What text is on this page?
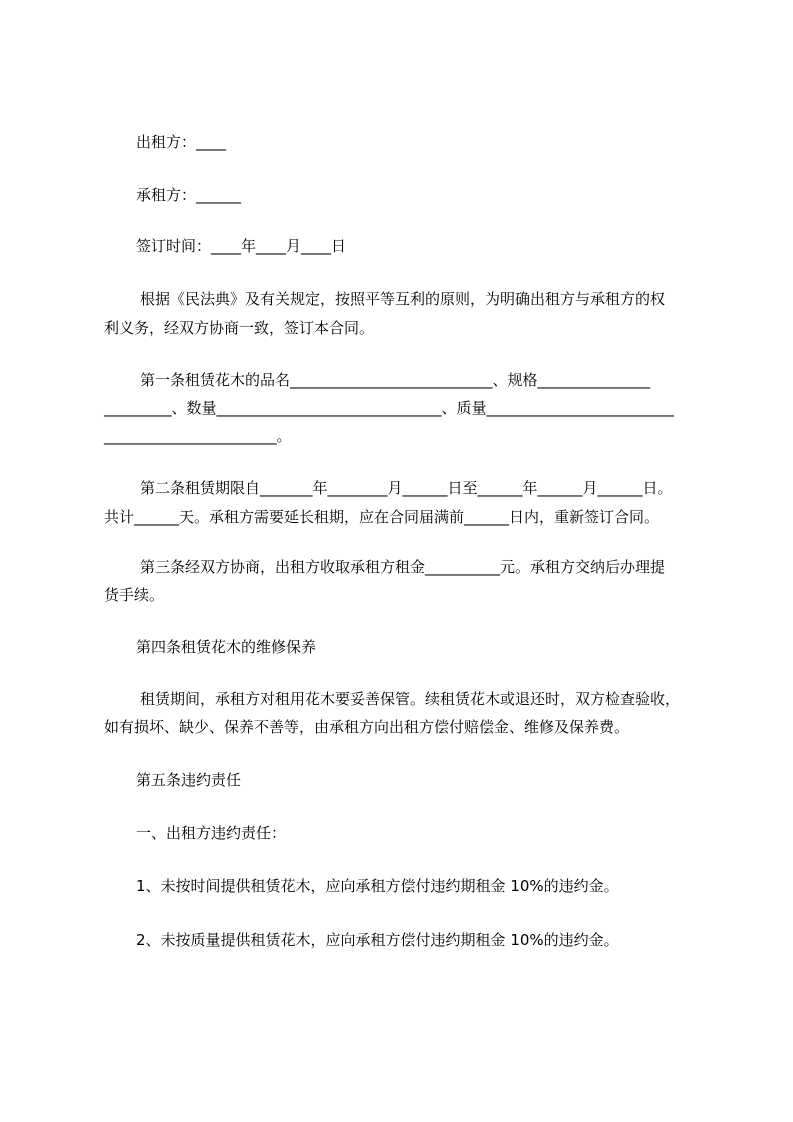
出租方：____
承租方：______
签订时间：____年____月____日
根据《民法典》及有关规定，按照平等互利的原则，为明确出租方与承租方的权
利义务，经双方协商一致，签订本合同。
第一条租赁花木的品名___________________________、规格_______________
_________、数量______________________________、质量_________________________
_______________________。
第二条租赁期限自_______年________月______日至______年______月______日。
共计______天。承租方需要延长租期，应在合同届满前______日内，重新签订合同。
第三条经双方协商，出租方收取承租方租金__________元。承租方交纳后办理提
货手续。
第四条租赁花木的维修保养
租赁期间，承租方对租用花木要妥善保管。续租赁花木或退还时，双方检查验收，
如有损坏、缺少、保养不善等，由承租方向出租方偿付赔偿金、维修及保养费。
第五条违约责任
一、出租方违约责任：
1、未按时间提供租赁花木，应向承租方偿付违约期租金 10%的违约金。
2、未按质量提供租赁花木，应向承租方偿付违约期租金 10%的违约金。
